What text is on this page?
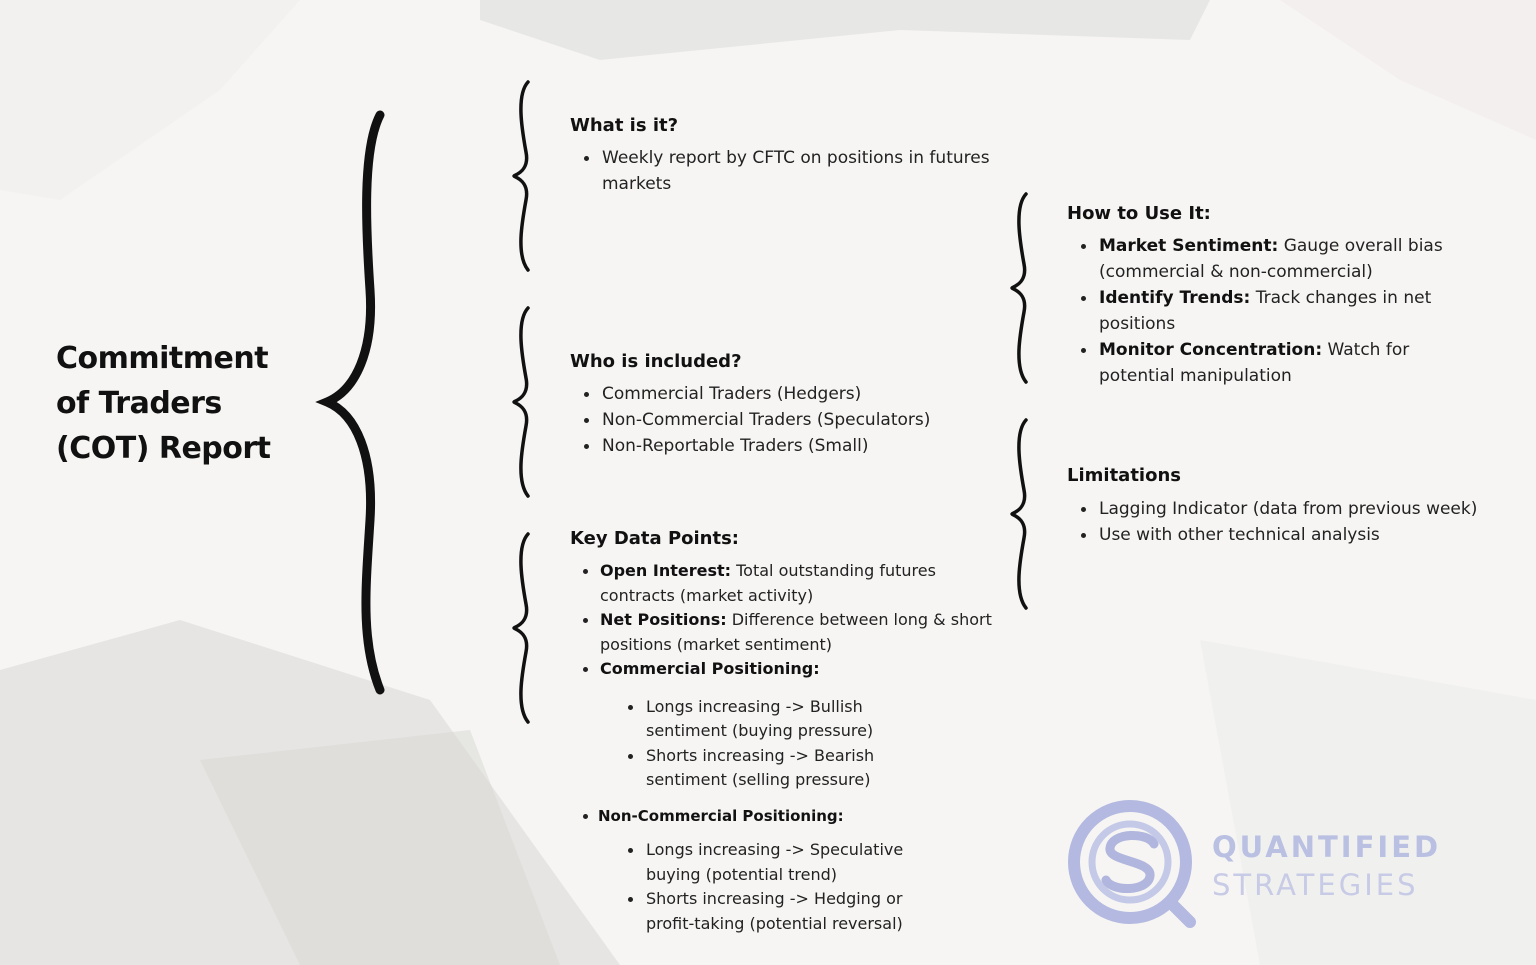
Commitment
of Traders
(COT) Report
What is it?
Weekly report by CFTC on positions in futures markets
Who is included?
Commercial Traders (Hedgers)
Non-Commercial Traders (Speculators)
Non-Reportable Traders (Small)
Key Data Points:
Open Interest: Total outstanding futures contracts (market activity)
Net Positions: Difference between long & short positions (market sentiment)
Commercial Positioning:
Longs increasing -> Bullish sentiment (buying pressure)
Shorts increasing -> Bearish sentiment (selling pressure)
Non-Commercial Positioning:
Longs increasing -> Speculative buying (potential trend)
Shorts increasing -> Hedging or profit-taking (potential reversal)
How to Use It:
Market Sentiment: Gauge overall bias (commercial & non-commercial)
Identify Trends: Track changes in net positions
Monitor Concentration: Watch for potential manipulation
Limitations
Lagging Indicator (data from previous week)
Use with other technical analysis
QUANTIFIED
STRATEGIES
